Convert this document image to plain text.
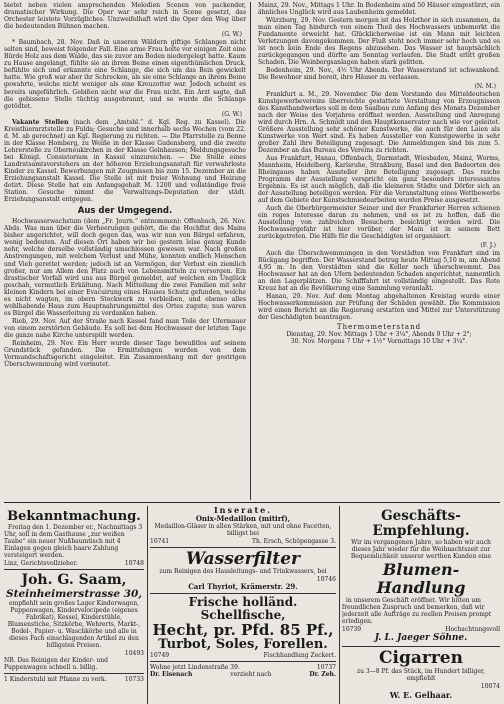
bietet neben vielen ansprechenden Melodien Scenen von packender, dramatischer Wirkung. Die Oper war sehr reich in Scene gesetzt, das Orchester leistete Vorzügliches. Unzweifelhaft wird die Oper den Weg über die bedeutenden Bühnen machen.

(G. W.)

* Baumbach, 28. Nov. Daß in unseren Wäldern giftige Schlangen nicht selten sind, beweist folgender Fall. Eine arme Frau holte vor einigen Zeit eine Bürde Holz aus dem Walde, das sie zuvor am Boden niedergelegt hatte. Kaum zu Hause angelangt, fühlte sie an ihrem Beine einen eigenthümlichen Druck, befühlte sich und erkannte eine Schlange, die sich um das Bein gewickelt hatte. Wie groß war aber ihr Schrecken, als sie eine Schlange an ihrem Beine gewahrte, welche nicht weniger als eine Kreuzotter war. Jedoch scheint es bereits ungefährlich. Gebißen nicht war die Frau nicht. Ein Arzt sagte, daß die gebissene Stelle tüchtig ausgebrannt, und so wurde die Schlange getödtet.

(G. W.)

Vakante Stellen (nach dem „Amtsbl.“ d. Kgl. Reg. zu Kassel). Die Kreisthierarztstelle zu Fulda; Gesuche sind innerhalb sechs Wochen (vom 22. d. M. ab gerechnet) an Kgl. Regierung zu richten. — Die Pfarrstelle zu Benne in der Klasse Homberg, zu Weiße in der Klasse Gudensberg, und die zweite Lehrerstelle zu Oberneukirchen in der Klasse Gelnhausen; Meldungsgesuche bei Königl. Consistorium in Kassel einzureichen. — Die Stelle eines Landratsamtsvorstehers an der höheren Erziehungsanstalt für verwahrloste Kinder zu Kassel. Bewerbungen mit Zeugnissen bis zum 15. Dezember an die Erziehungsanstalt Kassel. Die Stelle ist mit freier Wohnung und Heizung dotirt. Diese Stelle hat ein Anfangsgehalt M. 1200 und vollständige freie Station. Gesuche nimmt die Verwaltungs-Deputation der städt. Erziehungsanstalt entgegen.

Aus der Umgegend.

Hochwasserwachstum (dem „Fr. Journ.“ entnommen): Offenbach, 26. Nov. Abds. Was man über die Verheerungen gehört, die die Hochflut des Mains bisher angerichtet, will doch gegen das, was wir nun von Bürgel erfahren, wenig bedeuten. Auf diesen Ort haben wir bei gestern leise genug Kunde nehr, welche derselbe vollständig umschlossen gewesen war. Nach großen Anstrengungen, mit welchem Verlust und Mühe, konnten endlich Menschen und Vieh gerettet werden; jedoch ist an Vermögen, der Verlust ein ziemlich großer, nur am Allem den Platz auch von Lebensmitteln zu versorgen. Ein drastischer Vorfall wird uns aus Bürgel gemeldet, auf welchen ein Unglück geschah, vermutlich Erkältung. Nach Mitteilung die zwei Familien mit sehr kleinen Kindern bei einer Evacuirung eines Hauses Schutz gefunden, welche es nicht wagten, im obern Stockwerk zu verbleiben, und ebenso alles wohlhabende Haus zum Hauptnahrungsmittel des Ortes zugute; nun waren es Bürgel die Wasserleitung zu verdanken haben.

Rieb, 29. Nov. Auf der Straße nach Kassel fand man Teile der Ufermauer von einem zerstörten Gebäude. Es soll bei dem Hochwasser der letzten Tage die ganze nahe Kirche unterspült werden.

Reinheim, 29. Nov. Ein Herr wurde dieser Tage bewußtlos auf seinem Grundstück gefunden. Die Ermittelungen wurden von dem Vormundschaftsgericht eingeleitet. Ein Zusammenhang mit der gestrigen Überschwemmung wird vermutet.

Mainz, 29. Nov., Mittags 1 Uhr. In Bodenheim sind 50 Häuser eingestürzt, ein ähnliches Unglück wird aus Laubenheim gemeldet.

Würzburg, 29. Nov. Gestern morgen ist das Holzthor in sich zusammen, da man einen Tag hindurch von einem Theil des Hochwassers unbemerkt die Fundamente erweicht hat. Glücklicherweise ist ein Mann mit leichten Verletzungen davongekommen. Der Fluß steht noch immer sehr hoch und es ist noch kein Ende des Regens abzusehen. Das Wasser ist hauptsächlich zurückgegangen und dürfte am Sonntag verlaufen. Die Stadt erlitt großen Schaden. Die Weinbergsanlagen haben stark gelitten.

Bodenheim, 29. Nov., 4½ Uhr Abends. Der Wasserstand ist schwankend. Die Bewohner sind bereit, ihre Häuser zu verlassen.

(N. M.)

Frankfurt a. M., 29. November. Die dem Vorstande des Mitteldeutschen Kunstgewerbevereins überreichte gestattete Verstaltung von Erzeugnissen des Kunsthandwerkes soll in dem Saalbau zum Anfang des Monats Dezember nach der Weise des Vorjahres eröffnet werden. Ausstellung und Anregung wird durch Hrn. A. Schmidt und den Hauptkonservator nach wie vor geleitet. Größere Ausstellung sehr schöner Kunstwerke, die auch für den Laien als Kunstwerke von Wert sind. Es haben Aussteller von Kunstgewerbe in sehr großer Zahl ihre Beteiligung zugesagt. Die Anmeldungen sind bis zum 5. Dezember an das Bureau des Vereins zu richten.

Aus Frankfurt, Hanau, Offenbach, Darmstadt, Wiesbaden, Mainz, Worms, Mannheim, Heidelberg, Karlsruhe, Straßburg, Basel und den Badeorten des Rheingaues haben Aussteller ihre Beteiligung zugesagt. Das reiche Programm der Ausstellung verspricht ein ganz besonders interessantes Ergebnis. Es ist auch möglich, daß die kleineren Städte und Dörfer sich an der Ausstellung beteiligen werden. Für die Veranstaltung eines Wettbewerbs auf dem Gebiete der Kunstschmiedearbeiten wurden Preise ausgesetzt.

Auch die Oberbürgermeister Seiner und der Frankfurter Herren schienen ein reges Interesse daran zu nehmen, und es ist zu hoffen, daß die Ausstellung von zahlreichen Besuchern besichtigt werden wird. Die Hochwassergefahr ist hier vorüber, der Main ist in seinem Bett zurückgetreten. Die Hilfe für die Geschädigten ist organisiert.

(F. J.)

Auch die Überschwemmungen in den Vorstädten von Frankfurt sind im Rückgang begriffen. Der Wasserstand betrug heute Mittag 5,10 m, am Abend 4,95 m. In den Vorstädten sind die Keller noch überschwemmt. Das Hochwasser hat an den Ufern bedeutenden Schaden angerichtet, namentlich an den Lagerplätzen. Die Schifffahrt ist vollständig eingestellt. Das Rote Kreuz hat an die Bevölkerung eine Sammlung veranlaßt.

Hanau, 29. Nov. Auf dem Montag abgehaltenen Kreistag wurde einer Hochwasserkommission zur Prüfung der Schäden gewählt. Die Kommission wird einen Bericht an die Regierung erstatten und Mittel zur Unterstützung der Geschädigten beantragen.

Thermometerstand
Dienstag, 29. Nov. Mittags 1 Uhr + 3¼°, Abends 9 Uhr + 2°;
30. Nov. Morgens 7 Uhr + 1½° Vormittags 10 Uhr + 3¼°.
Bekanntmachung.

Freitag den 1. Dezember er., Nachmittags 3 Uhr, soll in dem Gasthause „zur weißen Taube“ ein neuer Nußbaumtisch mit 4 Einlagen gegen gleich baare Zahlung versteigert werden.

Linz, Gerichtsvollzieher.	10748
Joh. G. Saam,
Steinheimerstrasse 30,

empfiehlt sein großes Lager Kinderwagen, Puppenwagen, Kindervelocipede (eigenes Fabrikat), Kessel, Kinderstühle, Blumenstiche, Sitzkörbe, Wehrerts, Markt-, Bodel-, Papier- u. Waschkörbe und alle in dieses Fach einschlagenden Artikel zu den billigsten Preisen.

10493

NB. Das Reinigen der Kinder- und Puppenwagen schnell u. billig.

1 Kinderstuhl mit Pfanne zu verk.	10733
Inserate.
Onix-Medaillon (mitirf),

Medaillon-Gläser in allen Stärken, mit und ohne Facetten, billigst bei

10741	Th. Ersch, Schöpengasse 3.
Wasserfilter

zum Reinigen des Hausleitungs- und Trinkwassers, bei

10746
Carl Thyriot, Krämerstr. 29.
Frische holländ. Schellfische,
Hecht, pr. Pfd. 85 Pf.,
Turbot, Soles, Forellen.
10749	Fischhandlung Zeckert.
Wohne jetzt Lindenstraße 39.	10737
Dr. Eisenach	verzieht nach	Dr. Zeh.
Geschäfts-Empfehlung.

Wir im vergangenen Jahre, so haben wir auch dieses Jahr wieder für die Weihnachtszeit zur Bequemlichkeit unserer werthen Kunden eine

Blumen-Handlung

in unserem Geschäft eröffnet. Wir bitten um freundlichen Zuspruch und bemerken, daß wir jederzeit alle Aufträge zu reellen Preisen prompt erledigen.

10739	Hochachtungsvoll
J. L. Jaeger Söhne.
Cigarren

zu 3—8 Pf. das Stück, im Hundert billiger, empfiehlt

10074
W. E. Gelhaar.
